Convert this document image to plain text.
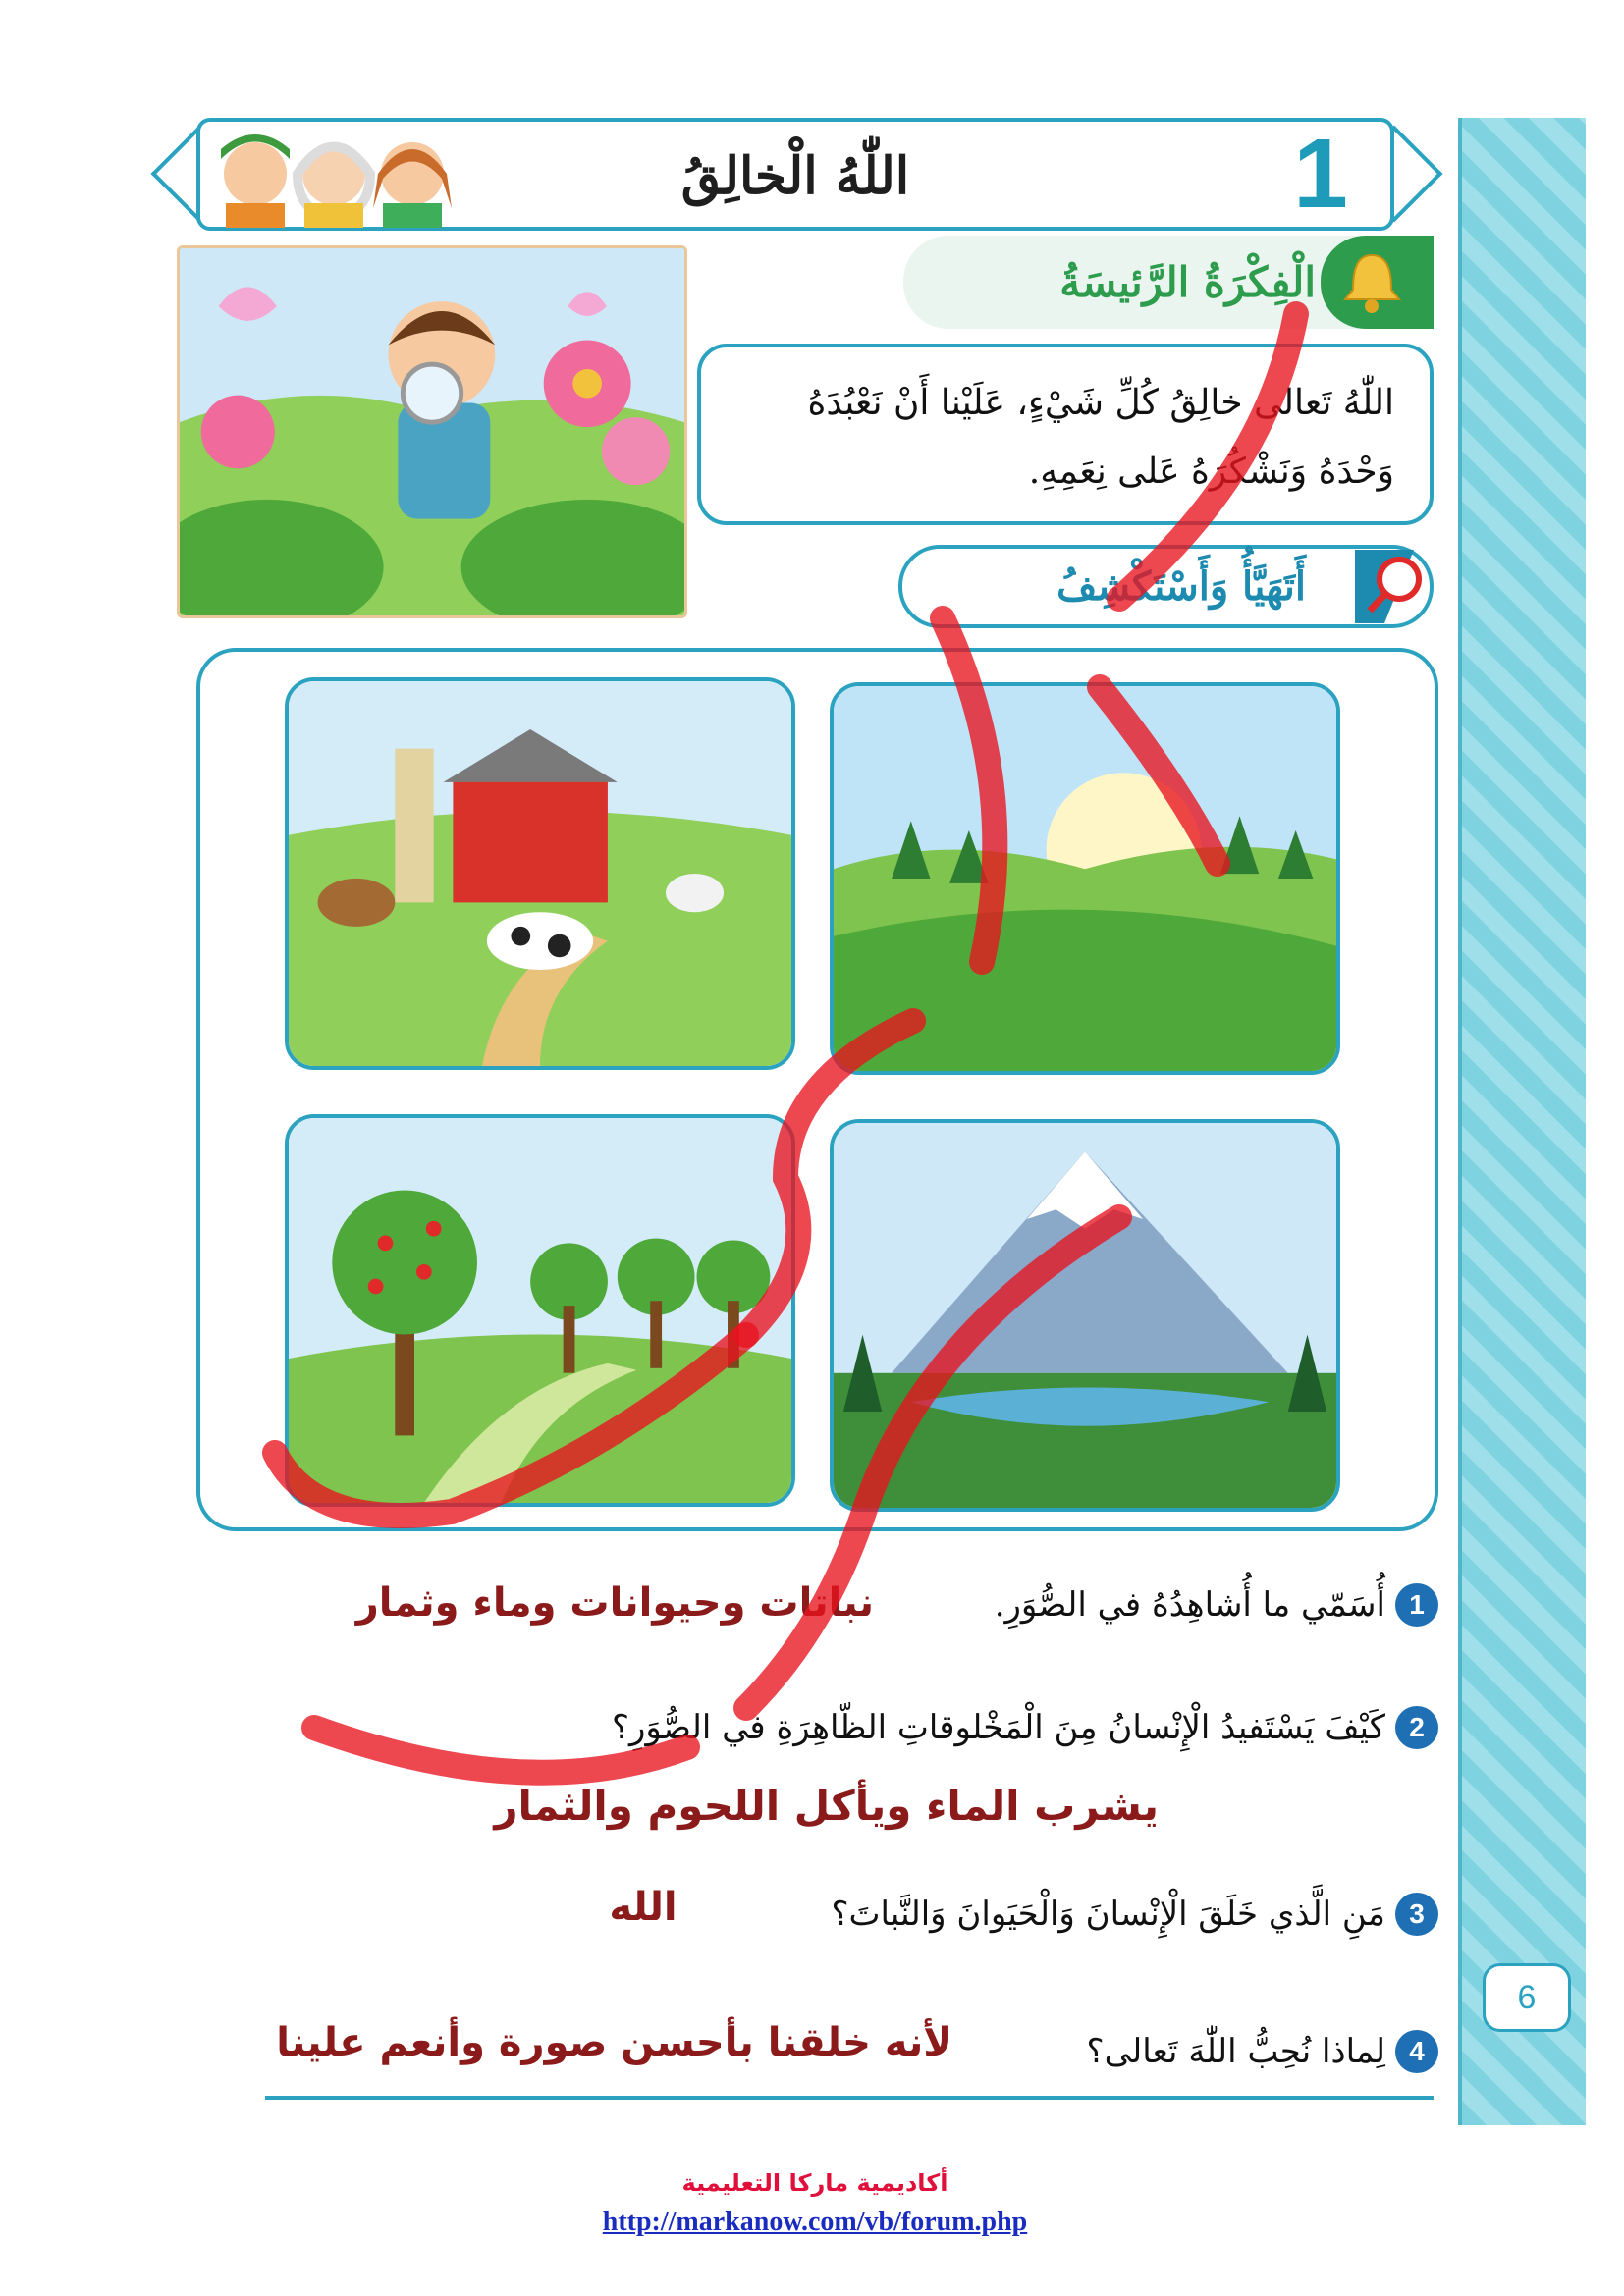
6
1
اللّٰهُ الْخالِقُ
الْفِكْرَةُ الرَّئيسَةُ

اللّٰهُ تَعالى خالِقُ كُلِّ شَيْءٍ، عَلَيْنا أَنْ نَعْبُدَهُ وَحْدَهُ وَنَشْكُرَهُ عَلى نِعَمِهِ.

أَتَهَيَّأُ وَأَسْتَكْشِفُ
1
أُسَمّي ما أُشاهِدُهُ في الصُّوَرِ.
نباتات وحيوانات وماء وثمار
2
كَيْفَ يَسْتَفيدُ الْإِنْسانُ مِنَ الْمَخْلوقاتِ الظّاهِرَةِ في الصُّوَرِ؟
يشرب الماء ويأكل اللحوم والثمار
3
مَنِ الَّذي خَلَقَ الْإِنْسانَ وَالْحَيَوانَ وَالنَّباتَ؟
الله
4
لِماذا نُحِبُّ اللّٰهَ تَعالى؟
لأنه خلقنا بأحسن صورة وأنعم علينا
أكاديمية ماركا التعليمية
http://markanow.com/vb/forum.php
